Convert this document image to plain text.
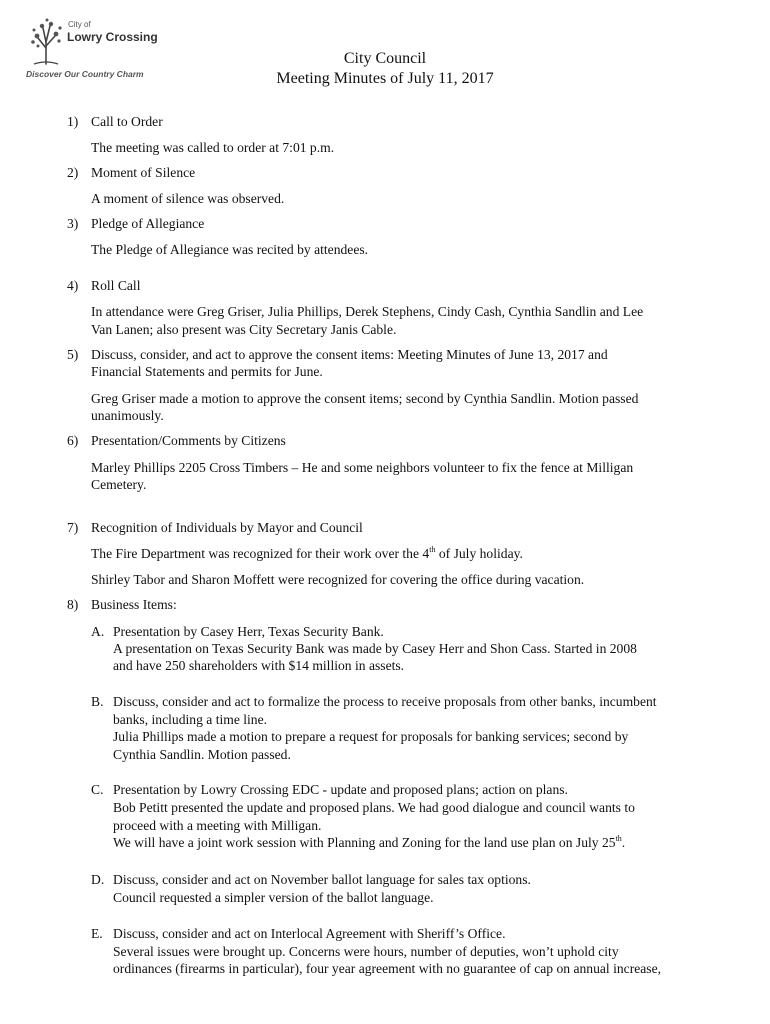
City of
Lowry Crossing
Discover Our Country Charm
City Council
Meeting Minutes of July 11, 2017
1) Call to Order
The meeting was called to order at 7:01 p.m.
2) Moment of Silence
A moment of silence was observed.
3) Pledge of Allegiance
The Pledge of Allegiance was recited by attendees.
4) Roll Call
In attendance were Greg Griser, Julia Phillips, Derek Stephens, Cindy Cash, Cynthia Sandlin and Lee
Van Lanen; also present was City Secretary Janis Cable.
5) Discuss, consider, and act to approve the consent items: Meeting Minutes of June 13, 2017 and
Financial Statements and permits for June.
Greg Griser made a motion to approve the consent items; second by Cynthia Sandlin. Motion passed
unanimously.
6) Presentation/Comments by Citizens
Marley Phillips 2205 Cross Timbers – He and some neighbors volunteer to fix the fence at Milligan
Cemetery.
7) Recognition of Individuals by Mayor and Council
The Fire Department was recognized for their work over the 4th of July holiday.
Shirley Tabor and Sharon Moffett were recognized for covering the office during vacation.
8) Business Items:
A. Presentation by Casey Herr, Texas Security Bank.
A presentation on Texas Security Bank was made by Casey Herr and Shon Cass. Started in 2008
and have 250 shareholders with $14 million in assets.
B. Discuss, consider and act to formalize the process to receive proposals from other banks, incumbent
banks, including a time line.
Julia Phillips made a motion to prepare a request for proposals for banking services; second by
Cynthia Sandlin. Motion passed.
C. Presentation by Lowry Crossing EDC - update and proposed plans; action on plans.
Bob Petitt presented the update and proposed plans. We had good dialogue and council wants to
proceed with a meeting with Milligan.
We will have a joint work session with Planning and Zoning for the land use plan on July 25th.
D. Discuss, consider and act on November ballot language for sales tax options.
Council requested a simpler version of the ballot language.
E. Discuss, consider and act on Interlocal Agreement with Sheriff’s Office.
Several issues were brought up. Concerns were hours, number of deputies, won’t uphold city
ordinances (firearms in particular), four year agreement with no guarantee of cap on annual increase,
